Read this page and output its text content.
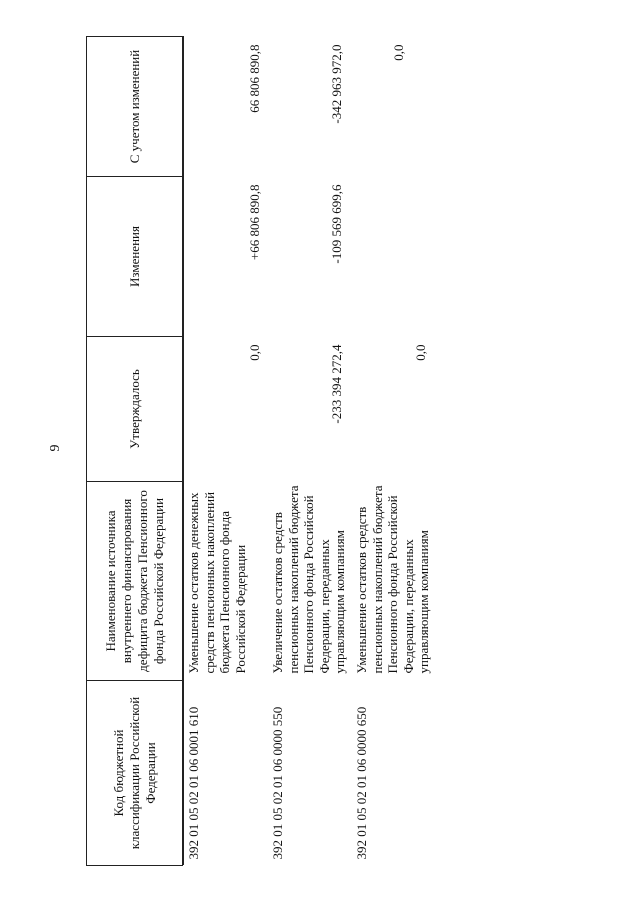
9
Код бюджетной классификации Российской Федерации	Наименование источника внутреннего финансирования дефицита бюджета Пенсионного фонда Российской Федерации	Утверждалось	Изменения	С учетом изменений

392 01 05 02 01 06 0001 610	Уменьшение остатков денежных средств пенсионных накоплений бюджета Пенсионного фонда Российской Федерации	0,0	+66 806 890,8	66 806 890,8
392 01 05 02 01 06 0000 550	Увеличение остатков средств пенсионных накоплений бюджета Пенсионного фонда Российской Федерации, переданных управляющим компаниям	-233 394 272,4	-109 569 699,6	-342 963 972,0
392 01 05 02 01 06 0000 650	Уменьшение остатков средств пенсионных накоплений бюджета Пенсионного фонда Российской Федерации, переданных управляющим компаниям	0,0		0,0
